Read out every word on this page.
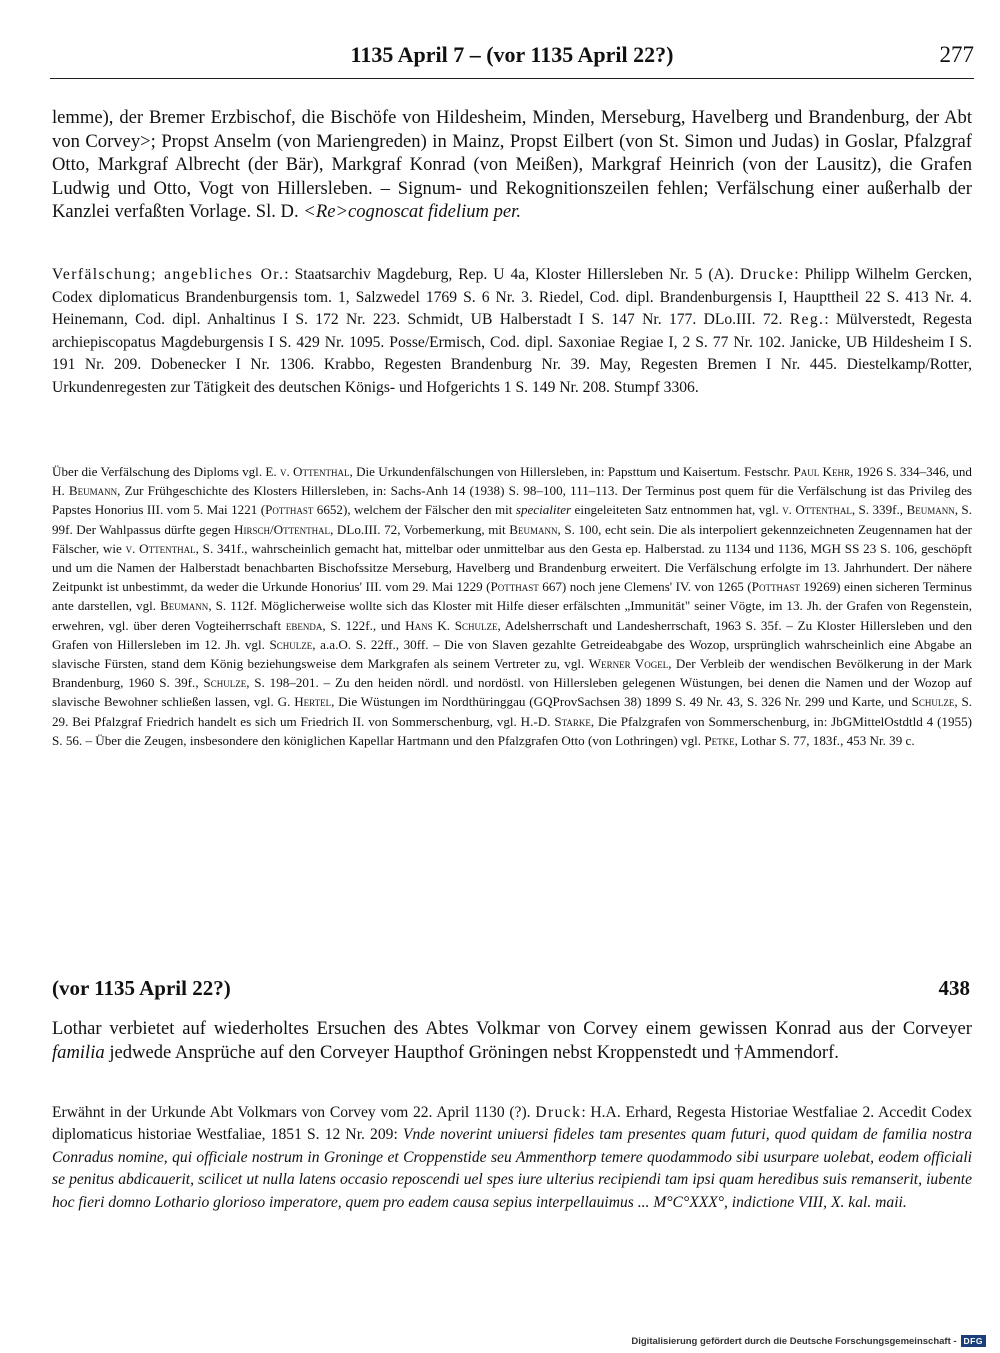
1135 April 7 – (vor 1135 April 22?)	277

lemme), der Bremer Erzbischof, die Bischöfe von Hildesheim, Minden, Merseburg, Havelberg und Brandenburg, der Abt von Corvey>; Propst Anselm (von Mariengreden) in Mainz, Propst Eilbert (von St. Simon und Judas) in Goslar, Pfalzgraf Otto, Markgraf Albrecht (der Bär), Markgraf Konrad (von Meißen), Markgraf Heinrich (von der Lausitz), die Grafen Ludwig und Otto, Vogt von Hillersleben. – Signum- und Rekognitionszeilen fehlen; Verfälschung einer außerhalb der Kanzlei verfaßten Vorlage. Sl. D. <Re>cognoscat fidelium per.

Verfälschung; angebliches Or.: Staatsarchiv Magdeburg, Rep. U 4a, Kloster Hillersleben Nr. 5 (A). Drucke: Philipp Wilhelm Gercken, Codex diplomaticus Brandenburgensis tom. 1, Salzwedel 1769 S. 6 Nr. 3. Riedel, Cod. dipl. Brandenburgensis I, Haupttheil 22 S. 413 Nr. 4. Heinemann, Cod. dipl. Anhaltinus I S. 172 Nr. 223. Schmidt, UB Halberstadt I S. 147 Nr. 177. DLo.III. 72. Reg.: Mülverstedt, Regesta archiepiscopatus Magdeburgensis I S. 429 Nr. 1095. Posse/Ermisch, Cod. dipl. Saxoniae Regiae I, 2 S. 77 Nr. 102. Janicke, UB Hildesheim I S. 191 Nr. 209. Dobenecker I Nr. 1306. Krabbo, Regesten Brandenburg Nr. 39. May, Regesten Bremen I Nr. 445. Diestelkamp/Rotter, Urkundenregesten zur Tätigkeit des deutschen Königs- und Hofgerichts 1 S. 149 Nr. 208. Stumpf 3306.

Über die Verfälschung des Diploms vgl. E. v. Ottenthal, Die Urkundenfälschungen von Hillersleben, in: Papsttum und Kaisertum. Festschr. Paul Kehr, 1926 S. 334–346, und H. Beumann, Zur Frühgeschichte des Klosters Hillersleben, in: Sachs-Anh 14 (1938) S. 98–100, 111–113. Der Terminus post quem für die Verfälschung ist das Privileg des Papstes Honorius III. vom 5. Mai 1221 (Potthast 6652), welchem der Fälscher den mit specialiter eingeleiteten Satz entnommen hat, vgl. v. Ottenthal, S. 339f., Beumann, S. 99f. Der Wahlpassus dürfte gegen Hirsch/Ottenthal, DLo.III. 72, Vorbemerkung, mit Beumann, S. 100, echt sein. Die als interpoliert gekennzeichneten Zeugennamen hat der Fälscher, wie v. Ottenthal, S. 341f., wahrscheinlich gemacht hat, mittelbar oder unmittelbar aus den Gesta ep. Halberstad. zu 1134 und 1136, MGH SS 23 S. 106, geschöpft und um die Namen der Halberstadt benachbarten Bischofssitze Merseburg, Havelberg und Brandenburg erweitert. Die Verfälschung erfolgte im 13. Jahrhundert. Der nähere Zeitpunkt ist unbestimmt, da weder die Urkunde Honorius' III. vom 29. Mai 1229 (Potthast 667) noch jene Clemens' IV. von 1265 (Potthast 19269) einen sicheren Terminus ante darstellen, vgl. Beumann, S. 112f. Möglicherweise wollte sich das Kloster mit Hilfe dieser erfälschten „Immunität" seiner Vögte, im 13. Jh. der Grafen von Regenstein, erwehren, vgl. über deren Vogteiherrschaft ebenda, S. 122f., und Hans K. Schulze, Adelsherrschaft und Landesherrschaft, 1963 S. 35f. – Zu Kloster Hillersleben und den Grafen von Hillersleben im 12. Jh. vgl. Schulze, a.a.O. S. 22ff., 30ff. – Die von Slaven gezahlte Getreideabgabe des Wozop, ursprünglich wahrscheinlich eine Abgabe an slavische Fürsten, stand dem König beziehungsweise dem Markgrafen als seinem Vertreter zu, vgl. Werner Vogel, Der Verbleib der wendischen Bevölkerung in der Mark Brandenburg, 1960 S. 39f., Schulze, S. 198–201. – Zu den heiden nördl. und nordöstl. von Hillersleben gelegenen Wüstungen, bei denen die Namen und der Wozop auf slavische Bewohner schließen lassen, vgl. G. Hertel, Die Wüstungen im Nordthüringgau (GQProvSachsen 38) 1899 S. 49 Nr. 43, S. 326 Nr. 299 und Karte, und Schulze, S. 29. Bei Pfalzgraf Friedrich handelt es sich um Friedrich II. von Sommerschenburg, vgl. H.-D. Starke, Die Pfalzgrafen von Sommerschenburg, in: JbGMittelOstdtld 4 (1955) S. 56. – Über die Zeugen, insbesondere den königlichen Kapellar Hartmann und den Pfalzgrafen Otto (von Lothringen) vgl. Petke, Lothar S. 77, 183f., 453 Nr. 39 c.

(vor 1135 April 22?)	438

Lothar verbietet auf wiederholtes Ersuchen des Abtes Volkmar von Corvey einem gewissen Konrad aus der Corveyer familia jedwede Ansprüche auf den Corveyer Haupthof Gröningen nebst Kroppenstedt und †Ammendorf.

Erwähnt in der Urkunde Abt Volkmars von Corvey vom 22. April 1130 (?). Druck: H.A. Erhard, Regesta Historiae Westfaliae 2. Accedit Codex diplomaticus historiae Westfaliae, 1851 S. 12 Nr. 209: Vnde noverint uniuersi fideles tam presentes quam futuri, quod quidam de familia nostra Conradus nomine, qui officiale nostrum in Groninge et Croppenstide seu Ammenthorp temere quodammodo sibi usurpare uolebat, eodem officiali se penitus abdicauerit, scilicet ut nulla latens occasio reposcendi uel spes iure ulterius recipiendi tam ipsi quam heredibus suis remanserit, iubente hoc fieri domno Lothario glorioso imperatore, quem pro eadem causa sepius interpellauimus ... M°C°XXX°, indictione VIII, X. kal. maii.

Digitalisierung gefördert durch die Deutsche Forschungsgemeinschaft - DFG
